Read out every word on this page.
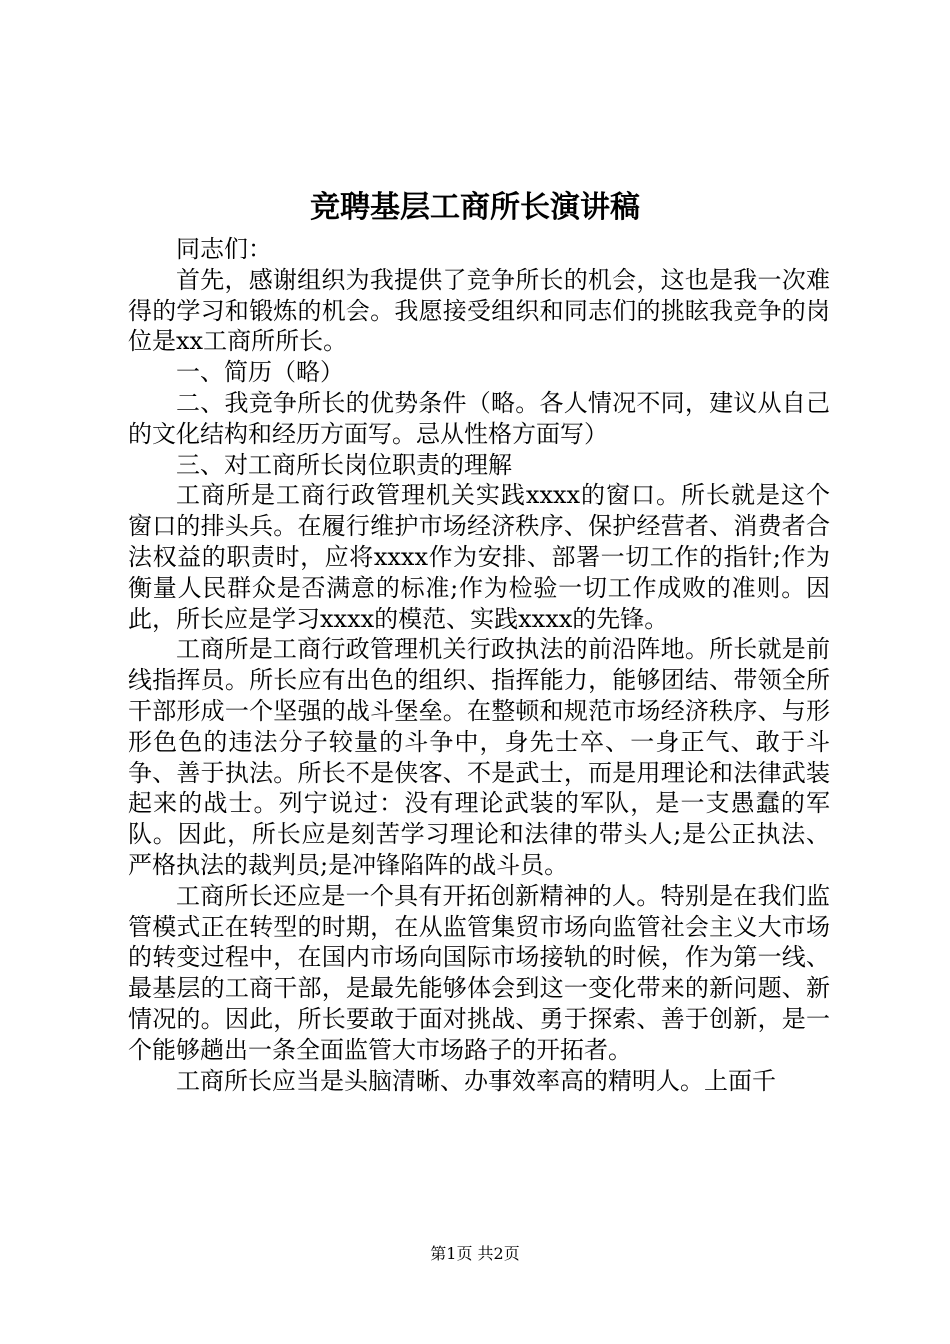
竞聘基层工商所长演讲稿

同志们：

首先，感谢组织为我提供了竞争所长的机会，这也是我一次难得的学习和锻炼的机会。我愿接受组织和同志们的挑眩我竞争的岗位是xx工商所所长。

一、简历（略）

二、我竞争所长的优势条件（略。各人情况不同，建议从自己的文化结构和经历方面写。忌从性格方面写）

三、对工商所长岗位职责的理解

工商所是工商行政管理机关实践xxxx的窗口。所长就是这个窗口的排头兵。在履行维护市场经济秩序、保护经营者、消费者合法权益的职责时，应将xxxx作为安排、部署一切工作的指针;作为衡量人民群众是否满意的标准;作为检验一切工作成败的准则。因此，所长应是学习xxxx的模范、实践xxxx的先锋。

工商所是工商行政管理机关行政执法的前沿阵地。所长就是前线指挥员。所长应有出色的组织、指挥能力，能够团结、带领全所干部形成一个坚强的战斗堡垒。在整顿和规范市场经济秩序、与形形色色的违法分子较量的斗争中，身先士卒、一身正气、敢于斗争、善于执法。所长不是侠客、不是武士，而是用理论和法律武装起来的战士。列宁说过：没有理论武装的军队，是一支愚蠢的军队。因此，所长应是刻苦学习理论和法律的带头人;是公正执法、严格执法的裁判员;是冲锋陷阵的战斗员。

工商所长还应是一个具有开拓创新精神的人。特别是在我们监管模式正在转型的时期，在从监管集贸市场向监管社会主义大市场的转变过程中，在国内市场向国际市场接轨的时候，作为第一线、最基层的工商干部，是最先能够体会到这一变化带来的新问题、新情况的。因此，所长要敢于面对挑战、勇于探索、善于创新，是一个能够趟出一条全面监管大市场路子的开拓者。

工商所长应当是头脑清晰、办事效率高的精明人。上面千

第1页 共2页
